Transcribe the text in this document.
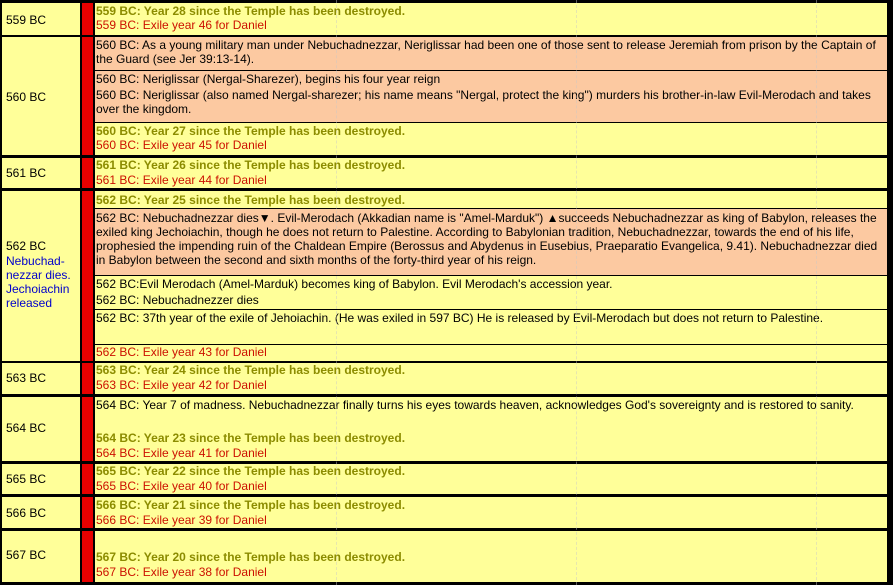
559 BC
559 BC: Year 28 since the Temple has been destroyed.
559 BC: Exile year 46 for Daniel
560 BC
560 BC: As a young military man under Nebuchadnezzar, Neriglissar had been one of those sent to release Jeremiah from prison by the Captain of the Guard (see Jer 39:13-14).
560 BC: Neriglissar (Nergal-Sharezer), begins his four year reign
560 BC: Neriglissar (also named Nergal-sharezer; his name means "Nergal, protect the king") murders his brother-in-law Evil-Merodach and takes over the kingdom.
560 BC: Year 27 since the Temple has been destroyed.
560 BC: Exile year 45 for Daniel
561 BC
561 BC: Year 26 since the Temple has been destroyed.
561 BC: Exile year 44 for Daniel
562 BC
Nebuchad-
nezzar dies.
Jechoiachin
released
562 BC: Year 25 since the Temple has been destroyed.
562 BC: Nebuchadnezzar dies▼. Evil-Merodach (Akkadian name is "Amel-Marduk") ▲succeeds Nebuchadnezzar as king of Babylon, releases the exiled king Jechoiachin, though he does not return to Palestine. According to Babylonian tradition, Nebuchadnezzar, towards the end of his life, prophesied the impending ruin of the Chaldean Empire (Berossus and Abydenus in Eusebius, Praeparatio Evangelica, 9.41). Nebuchadnezzar died in Babylon between the second and sixth months of the forty-third year of his reign.
562 BC:Evil Merodach (Amel-Marduk) becomes king of Babylon. Evil Merodach's accession year.
562 BC: Nebuchadnezzer dies
562 BC: 37th year of the exile of Jehoiachin. (He was exiled in 597 BC) He is released by Evil-Merodach but does not return to Palestine.
562 BC: Exile year 43 for Daniel
563 BC
563 BC: Year 24 since the Temple has been destroyed.
563 BC: Exile year 42 for Daniel
564 BC
564 BC: Year 7 of madness. Nebuchadnezzar finally turns his eyes towards heaven, acknowledges God's sovereignty and is restored to sanity.
564 BC: Year 23 since the Temple has been destroyed.
564 BC: Exile year 41 for Daniel
565 BC
565 BC: Year 22 since the Temple has been destroyed.
565 BC: Exile year 40 for Daniel
566 BC
566 BC: Year 21 since the Temple has been destroyed.
566 BC: Exile year 39 for Daniel
567 BC	567 BC: Year 20 since the Temple has been destroyed.
567 BC: Exile year 38 for Daniel
